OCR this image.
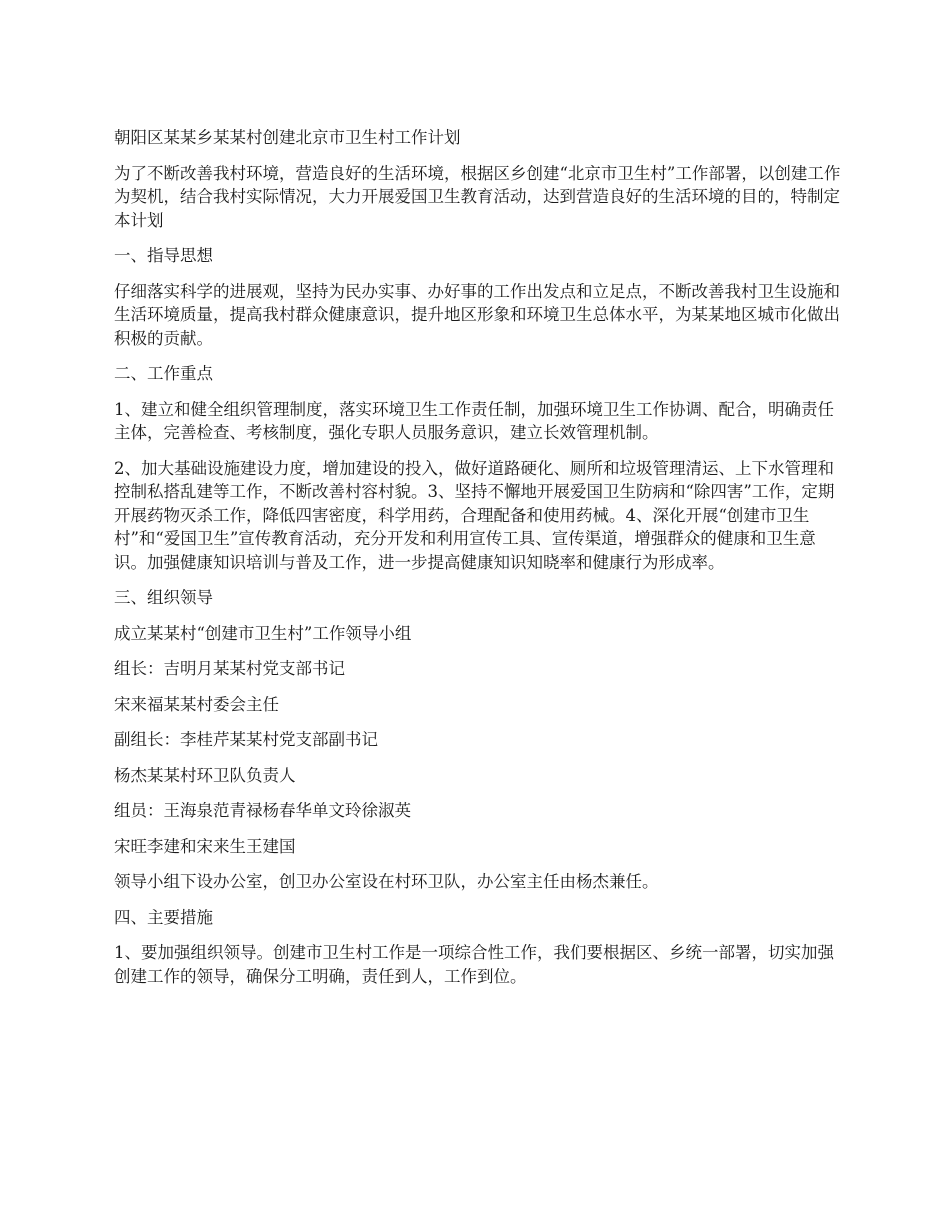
朝阳区某某乡某某村创建北京市卫生村工作计划

为了不断改善我村环境，营造良好的生活环境，根据区乡创建“北京市卫生村”工作部署，以创建工作为契机，结合我村实际情况，大力开展爱国卫生教育活动，达到营造良好的生活环境的目的，特制定本计划

一、指导思想

仔细落实科学的进展观，坚持为民办实事、办好事的工作出发点和立足点，不断改善我村卫生设施和生活环境质量，提高我村群众健康意识，提升地区形象和环境卫生总体水平，为某某地区城市化做出积极的贡献。

二、工作重点

1、建立和健全组织管理制度，落实环境卫生工作责任制，加强环境卫生工作协调、配合，明确责任主体，完善检查、考核制度，强化专职人员服务意识，建立长效管理机制。

2、加大基础设施建设力度，增加建设的投入，做好道路硬化、厕所和垃圾管理清运、上下水管理和控制私搭乱建等工作，不断改善村容村貌。3、坚持不懈地开展爱国卫生防病和“除四害”工作，定期开展药物灭杀工作，降低四害密度，科学用药，合理配备和使用药械。4、深化开展“创建市卫生村”和“爱国卫生”宣传教育活动，充分开发和利用宣传工具、宣传渠道，增强群众的健康和卫生意识。加强健康知识培训与普及工作，进一步提高健康知识知晓率和健康行为形成率。

三、组织领导

成立某某村“创建市卫生村”工作领导小组

组长：吉明月某某村党支部书记

宋来福某某村委会主任

副组长：李桂芹某某村党支部副书记

杨杰某某村环卫队负责人

组员：王海泉范青禄杨春华单文玲徐淑英

宋旺李建和宋来生王建国

领导小组下设办公室，创卫办公室设在村环卫队，办公室主任由杨杰兼任。

四、主要措施

1、要加强组织领导。创建市卫生村工作是一项综合性工作，我们要根据区、乡统一部署，切实加强创建工作的领导，确保分工明确，责任到人，工作到位。
